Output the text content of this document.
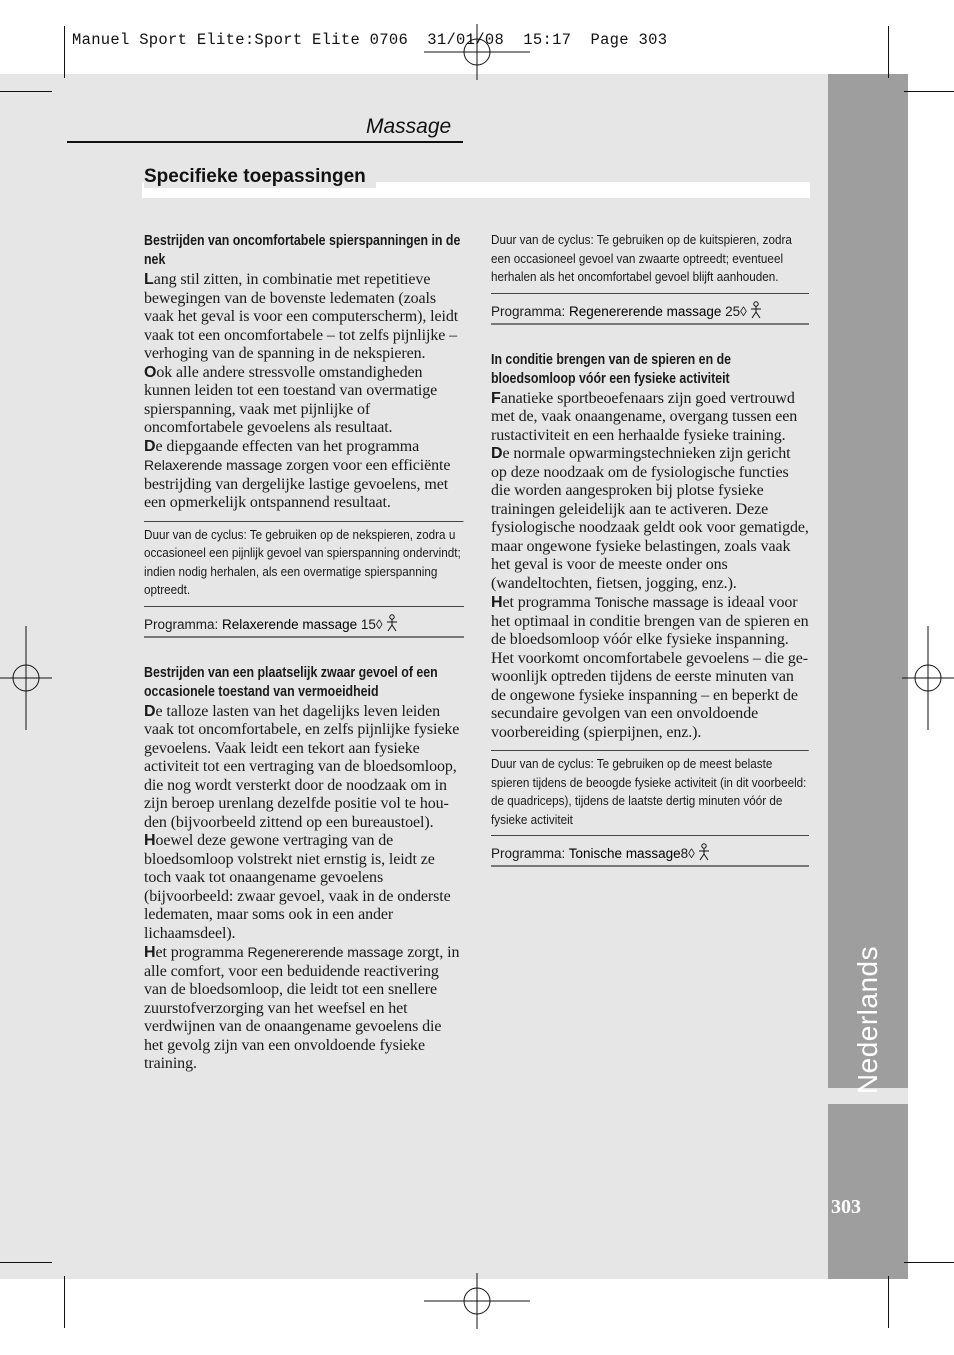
Nederlands
303
Manuel Sport Elite:Sport Elite 0706  31/01/08  15:17  Page 303
Massage
Specifieke toepassingen

Bestrijden van oncomfortabele spierspanningen in de nek

Lang stil zitten, in combinatie met repetitieve bewegingen van de bovenste ledematen (zoals vaak het geval is voor een computerscherm), leidt vaak tot een oncomfortabele – tot zelfs pijnlijke – verhoging van de spanning in de nekspieren.

Ook alle andere stressvolle omstandigheden kunnen leiden tot een toestand van overmatige spierspanning, vaak met pijnlijke of oncomfortabele gevoelens als resultaat.

De diepgaande effecten van het programma Relaxerende massage zorgen voor een efficiënte bestrijding van dergelijke lastige gevoelens, met een opmerkelijk ontspannend resultaat.

Duur van de cyclus: Te gebruiken op de nekspieren, zodra u occasioneel een pijnlijk gevoel van spierspanning ondervindt; indien nodig herhalen, als een overmatige spierspanning optreedt.

Programma: Relaxerende massage 15◊

Bestrijden van een plaatselijk zwaar gevoel of een occasionele toestand van vermoeidheid

De talloze lasten van het dagelijks leven leiden vaak tot oncomfortabele, en zelfs pijnlijke fysieke gevoelens. Vaak leidt een tekort aan fysieke activiteit tot een vertraging van de bloedsomloop, die nog wordt versterkt door de noodzaak om in zijn beroep urenlang dezelfde positie vol te houden (bijvoorbeeld zittend op een bureaustoel).

Hoewel deze gewone vertraging van de bloedsomloop volstrekt niet ernstig is, leidt ze toch vaak tot onaangename gevoelens (bijvoorbeeld: zwaar gevoel, vaak in de onderste ledematen, maar soms ook in een ander lichaamsdeel).

Het programma Regenererende massage zorgt, in alle comfort, voor een beduidende reactivering van de bloedsomloop, die leidt tot een snellere zuurstofverzorging van het weefsel en het verdwijnen van de onaangename gevoelens die het gevolg zijn van een onvoldoende fysieke training.

Duur van de cyclus: Te gebruiken op de kuitspieren, zodra een occasioneel gevoel van zwaarte optreedt; eventueel herhalen als het oncomfortabel gevoel blijft aanhouden.

Programma: Regenererende massage 25◊

In conditie brengen van de spieren en de bloedsomloop vóór een fysieke activiteit

Fanatieke sportbeoefenaars zijn goed vertrouwd met de, vaak onaangename, overgang tussen een rustactiviteit en een herhaalde fysieke training.

De normale opwarmingstechnieken zijn gericht op deze noodzaak om de fysiologische functies die worden aangesproken bij plotse fysieke trainingen geleidelijk aan te activeren. Deze fysiologische noodzaak geldt ook voor gematigde, maar ongewone fysieke belastingen, zoals vaak het geval is voor de meeste onder ons (wandeltochten, fietsen, jogging, enz.).

Het programma Tonische massage is ideaal voor het optimaal in conditie brengen van de spieren en de bloedsomloop vóór elke fysieke inspanning. Het voorkomt oncomfortabele gevoelens – die gewoonlijk optreden tijdens de eerste minuten van de ongewone fysieke inspanning – en beperkt de secundaire gevolgen van een onvoldoende voorbereiding (spierpijnen, enz.).

Duur van de cyclus: Te gebruiken op de meest belaste spieren tijdens de beoogde fysieke activiteit (in dit voorbeeld: de quadriceps), tijdens de laatste dertig minuten vóór de fysieke activiteit

Programma: Tonische massage8◊
